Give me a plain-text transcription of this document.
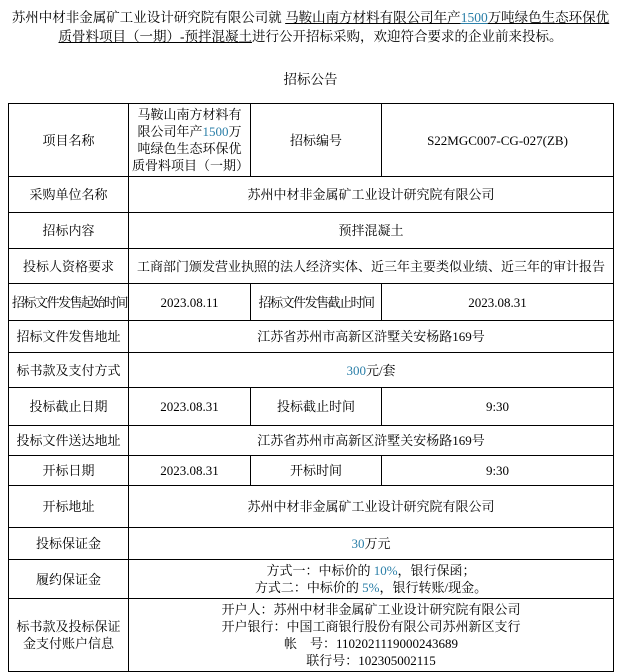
苏州中材非金属矿工业设计研究院有限公司就 马鞍山南方材料有限公司年产1500万吨绿色生态环保优质骨料项目（一期）-预拌混凝土进行公开招标采购，欢迎符合要求的企业前来投标。

招标公告
项目名称	马鞍山南方材料有限公司年产1500万吨绿色生态环保优质骨料项目（一期）	招标编号	S22MGC007-CG-027(ZB)
采购单位名称	苏州中材非金属矿工业设计研究院有限公司		
招标内容	预拌混凝土		
投标人资格要求	工商部门颁发营业执照的法人经济实体、近三年主要类似业绩、近三年的审计报告		
招标文件发售起始时间	2023.08.11	招标文件发售截止时间	2023.08.31
招标文件发售地址	江苏省苏州市高新区浒墅关安杨路169号		
标书款及支付方式	300元/套		
投标截止日期	2023.08.31	投标截止时间	9:30
投标文件送达地址	江苏省苏州市高新区浒墅关安杨路169号		
开标日期	2023.08.31	开标时间	9:30
开标地址	苏州中材非金属矿工业设计研究院有限公司		
投标保证金	30万元		
履约保证金	方式一：中标价的 10%，银行保函；
方式二：中标价的 5%，银行转账/现金。		

标书款及投标保证金支付账户信息	开户人：苏州中材非金属矿工业设计研究院有限公司
开户银行：中国工商银行股份有限公司苏州新区支行
帐　号：1102021119000243689
联行号：102305002115		
